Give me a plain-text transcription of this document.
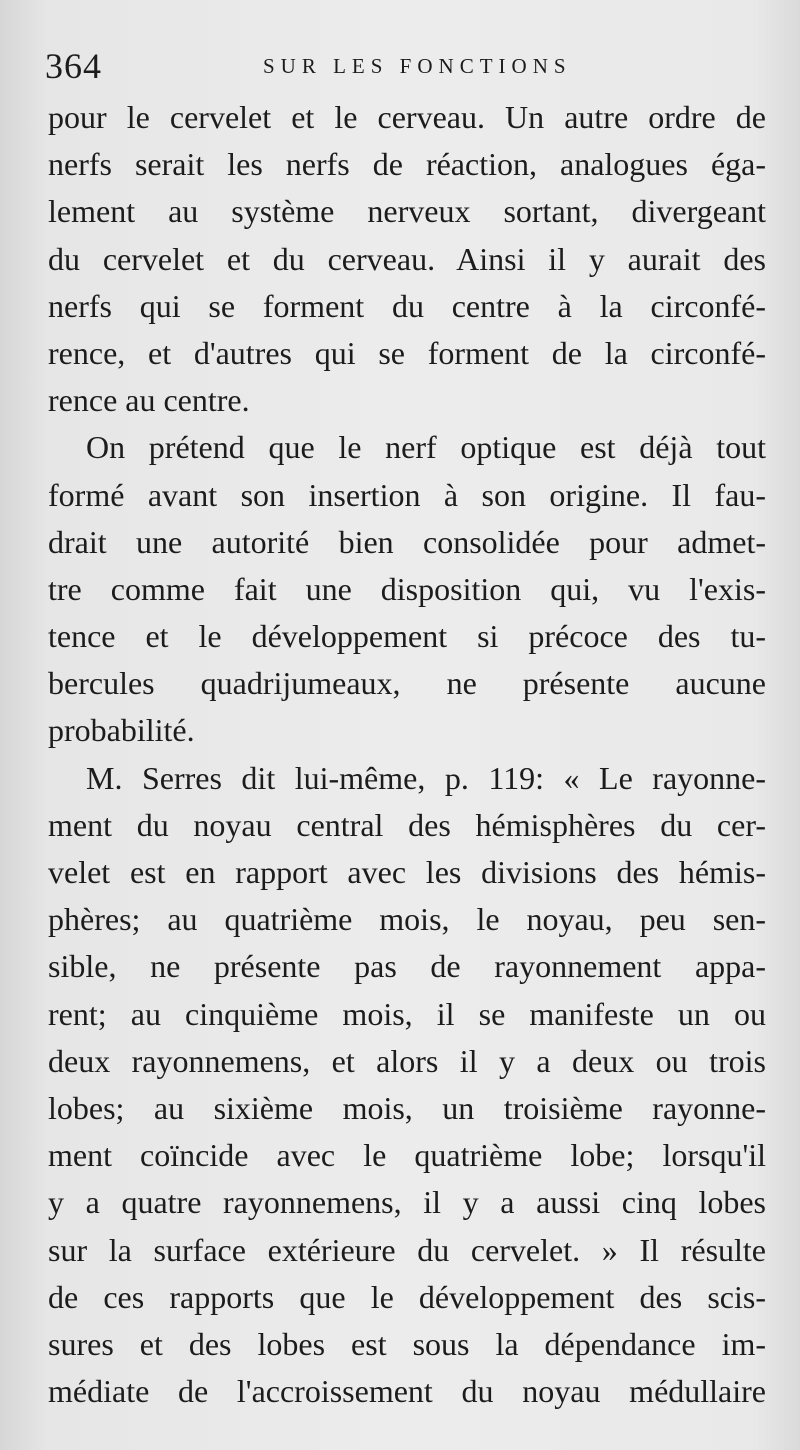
364	SUR LES FONCTIONS
pour le cervelet et le cerveau. Un autre ordre de
nerfs serait les nerfs de réaction, analogues éga-
lement au système nerveux sortant, divergeant
du cervelet et du cerveau. Ainsi il y aurait des
nerfs qui se forment du centre à la circonfé-
rence, et d'autres qui se forment de la circonfé-
rence au centre.
On prétend que le nerf optique est déjà tout
formé avant son insertion à son origine. Il fau-
drait une autorité bien consolidée pour admet-
tre comme fait une disposition qui, vu l'exis-
tence et le développement si précoce des tu-
bercules quadrijumeaux, ne présente aucune
probabilité.
M. Serres dit lui-même, p. 119: « Le rayonne-
ment du noyau central des hémisphères du cer-
velet est en rapport avec les divisions des hémis-
phères; au quatrième mois, le noyau, peu sen-
sible, ne présente pas de rayonnement appa-
rent; au cinquième mois, il se manifeste un ou
deux rayonnemens, et alors il y a deux ou trois
lobes; au sixième mois, un troisième rayonne-
ment coïncide avec le quatrième lobe; lorsqu'il
y a quatre rayonnemens, il y a aussi cinq lobes
sur la surface extérieure du cervelet. » Il résulte
de ces rapports que le développement des scis-
sures et des lobes est sous la dépendance im-
médiate de l'accroissement du noyau médullaire
